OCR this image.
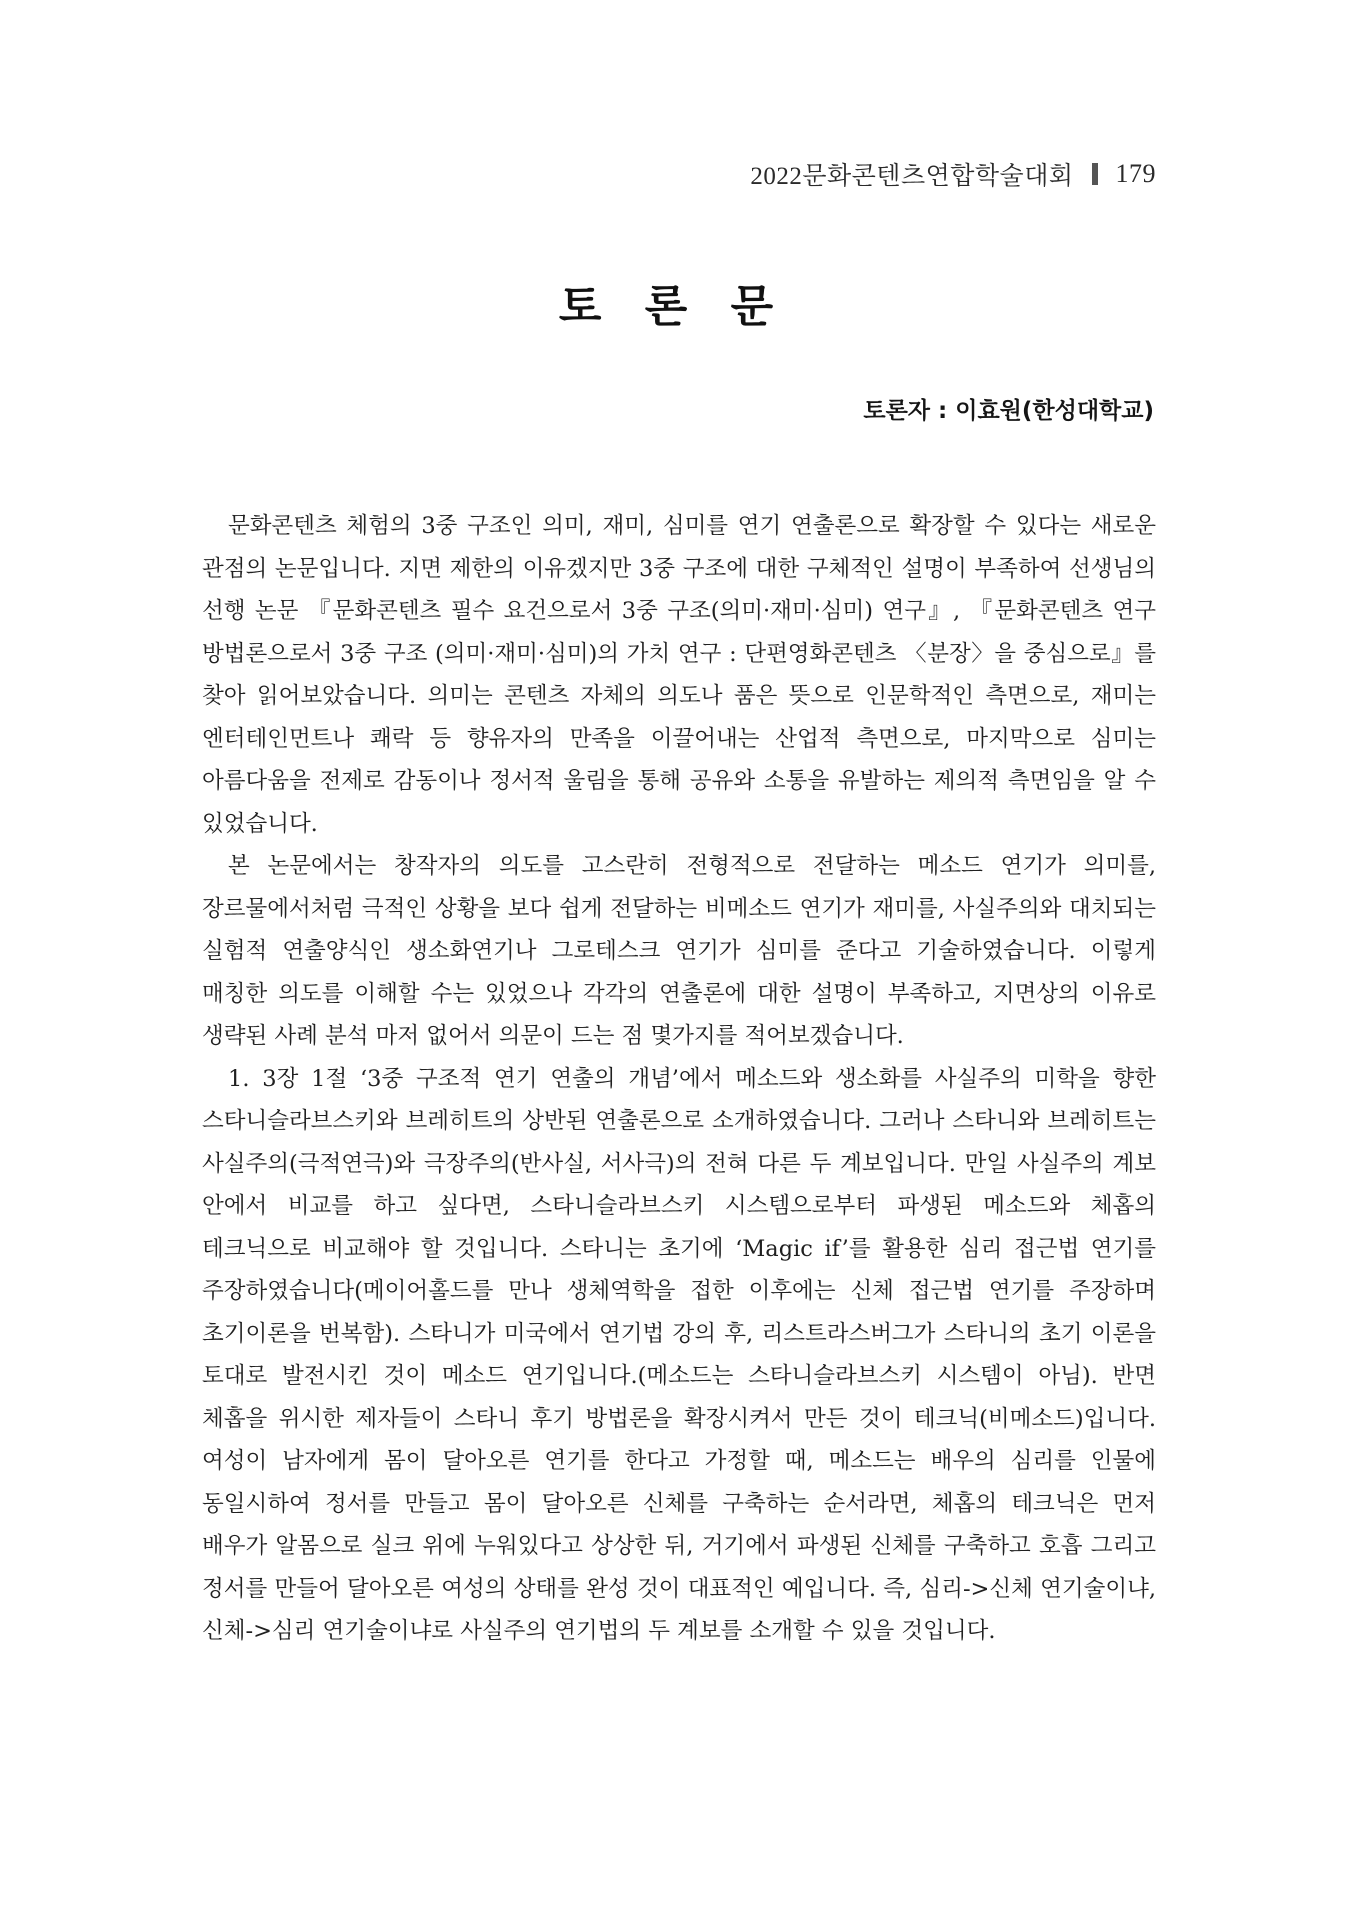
2022문화콘텐츠연합학술대회 179
토 론 문
토론자 : 이효원(한성대학교)

문화콘텐츠 체험의 3중 구조인 의미, 재미, 심미를 연기 연출론으로 확장할 수 있다는 새로운 관점의 논문입니다. 지면 제한의 이유겠지만 3중 구조에 대한 구체적인 설명이 부족하여 선생님의 선행 논문 『문화콘텐츠 필수 요건으로서 3중 구조(의미·재미·심미) 연구』, 『문화콘텐츠 연구 방법론으로서 3중 구조 (의미·재미·심미)의 가치 연구 : 단편영화콘텐츠 〈분장〉을 중심으로』를 찾아 읽어보았습니다. 의미는 콘텐츠 자체의 의도나 품은 뜻으로 인문학적인 측면으로, 재미는 엔터테인먼트나 쾌락 등 향유자의 만족을 이끌어내는 산업적 측면으로, 마지막으로 심미는 아름다움을 전제로 감동이나 정서적 울림을 통해 공유와 소통을 유발하는 제의적 측면임을 알 수 있었습니다.

본 논문에서는 창작자의 의도를 고스란히 전형적으로 전달하는 메소드 연기가 의미를, 장르물에서처럼 극적인 상황을 보다 쉽게 전달하는 비메소드 연기가 재미를, 사실주의와 대치되는 실험적 연출양식인 생소화연기나 그로테스크 연기가 심미를 준다고 기술하였습니다. 이렇게 매칭한 의도를 이해할 수는 있었으나 각각의 연출론에 대한 설명이 부족하고, 지면상의 이유로 생략된 사례 분석 마저 없어서 의문이 드는 점 몇가지를 적어보겠습니다.

1. 3장 1절 ‘3중 구조적 연기 연출의 개념’에서 메소드와 생소화를 사실주의 미학을 향한 스타니슬라브스키와 브레히트의 상반된 연출론으로 소개하였습니다. 그러나 스타니와 브레히트는 사실주의(극적연극)와 극장주의(반사실, 서사극)의 전혀 다른 두 계보입니다. 만일 사실주의 계보 안에서 비교를 하고 싶다면, 스타니슬라브스키 시스템으로부터 파생된 메소드와 체홉의 테크닉으로 비교해야 할 것입니다. 스타니는 초기에 ‘Magic if’를 활용한 심리 접근법 연기를 주장하였습니다(메이어홀드를 만나 생체역학을 접한 이후에는 신체 접근법 연기를 주장하며 초기이론을 번복함). 스타니가 미국에서 연기법 강의 후, 리스트라스버그가 스타니의 초기 이론을 토대로 발전시킨 것이 메소드 연기입니다.(메소드는 스타니슬라브스키 시스템이 아님). 반면 체홉을 위시한 제자들이 스타니 후기 방법론을 확장시켜서 만든 것이 테크닉(비메소드)입니다. 여성이 남자에게 몸이 달아오른 연기를 한다고 가정할 때, 메소드는 배우의 심리를 인물에 동일시하여 정서를 만들고 몸이 달아오른 신체를 구축하는 순서라면, 체홉의 테크닉은 먼저 배우가 알몸으로 실크 위에 누워있다고 상상한 뒤, 거기에서 파생된 신체를 구축하고 호흡 그리고 정서를 만들어 달아오른 여성의 상태를 완성 것이 대표적인 예입니다. 즉, 심리->신체 연기술이냐, 신체->심리 연기술이냐로 사실주의 연기법의 두 계보를 소개할 수 있을 것입니다.
